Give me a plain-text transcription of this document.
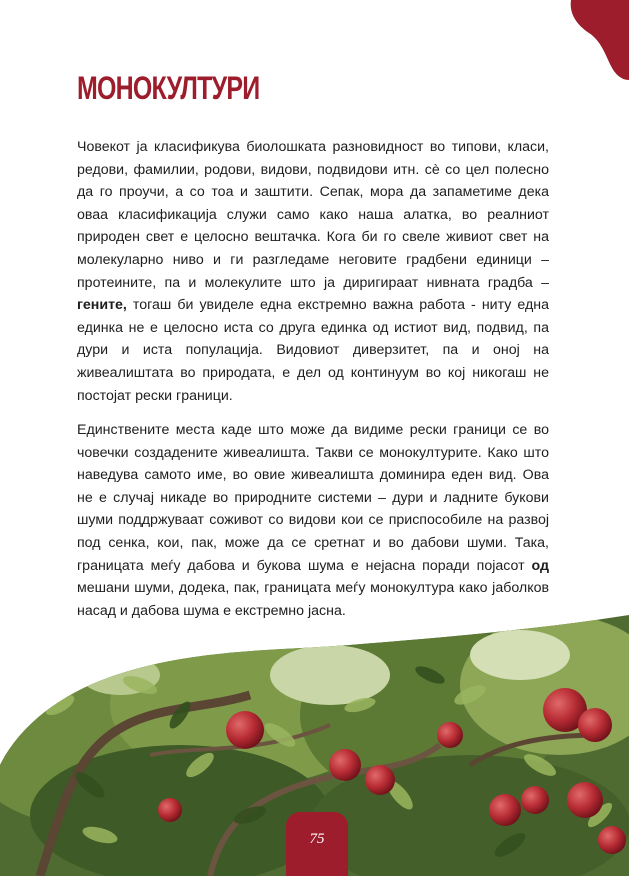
МОНОКУЛТУРИ

Човекот ја класификува биолошката разновидност во типови, класи, редови, фамилии, родови, видови, подвидови итн. сè со цел полесно да го проучи, а со тоа и заштити. Сепак, мора да запаметиме дека оваа класификација служи само како наша алатка, во реалниот природен свет е целосно вештачка. Кога би го свеле живиот свет на молекуларно ниво и ги разгледаме неговите градбени единици – протеините, па и молекулите што ја диригираат нивната градба – гените, тогаш би увиделе една екстремно важна работа - ниту една единка не е целосно иста со друга единка од истиот вид, подвид, па дури и иста популација. Видовиот диверзитет, па и оној на живеалиштата во природата, е дел од континуум во кој никогаш не постојат рески граници.

Единствените места каде што може да видиме рески граници се во човечки создадените живеалишта. Такви се монокултурите. Како што наведува самото име, во овие живеалишта доминира еден вид. Ова не е случај никаде во природните системи – дури и ладните букови шуми поддржуваат соживот со видови кои се приспособиле на развој под сенка, кои, пак, може да се сретнат и во дабови шуми. Така, границата меѓу дабова и букова шума е нејасна поради појасот од мешани шуми, додека, пак, границата меѓу монокултура како јаболков насад и дабова шума е екстремно јасна.

75
